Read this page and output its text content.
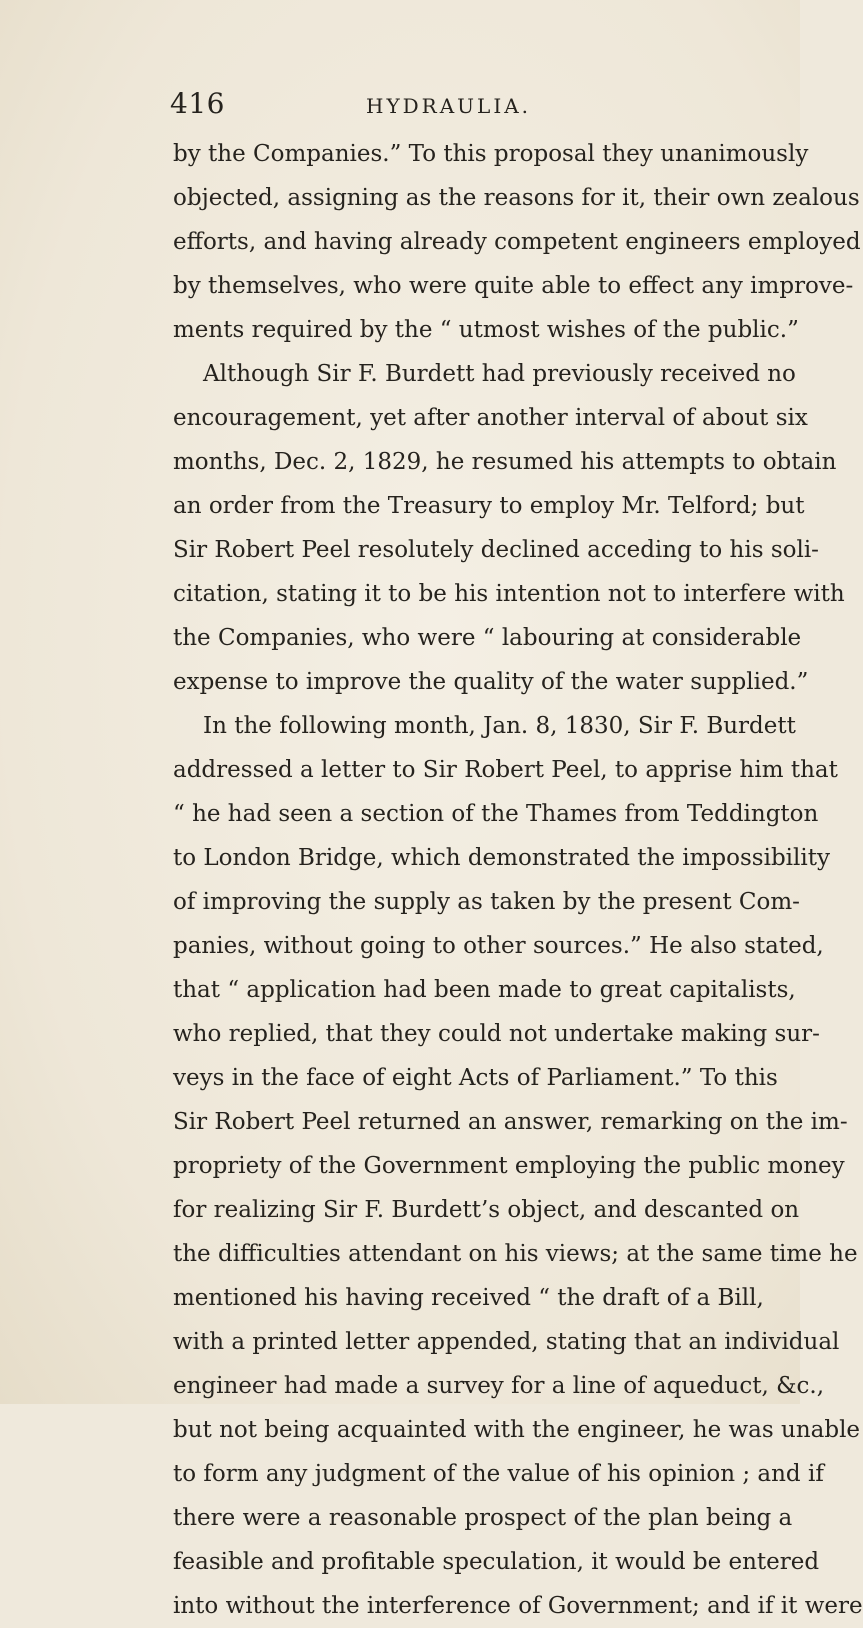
416	HYDRAULIA.
by the Companies.” To this proposal they unanimously
objected, assigning as the reasons for it, their own zealous
efforts, and having already competent engineers employed
by themselves, who were quite able to effect any improve-
ments required by the “ utmost wishes of the public.”
Although Sir F. Burdett had previously received no
encouragement, yet after another interval of about six
months, Dec. 2, 1829, he resumed his attempts to obtain
an order from the Treasury to employ Mr. Telford; but
Sir Robert Peel resolutely declined acceding to his soli-
citation, stating it to be his intention not to interfere with
the Companies, who were “ labouring at considerable
expense to improve the quality of the water supplied.”
In the following month, Jan. 8, 1830, Sir F. Burdett
addressed a letter to Sir Robert Peel, to apprise him that
“ he had seen a section of the Thames from Teddington
to London Bridge, which demonstrated the impossibility
of improving the supply as taken by the present Com-
panies, without going to other sources.” He also stated,
that “ application had been made to great capitalists,
who replied, that they could not undertake making sur-
veys in the face of eight Acts of Parliament.” To this
Sir Robert Peel returned an answer, remarking on the im-
propriety of the Government employing the public money
for realizing Sir F. Burdett’s object, and descanted on
the difficulties attendant on his views; at the same time he
mentioned his having received “ the draft of a Bill,
with a printed letter appended, stating that an individual
engineer had made a survey for a line of aqueduct, &c.,
but not being acquainted with the engineer, he was unable
to form any judgment of the value of his opinion ; and if
there were a reasonable prospect of the plan being a
feasible and profitable speculation, it would be entered
into without the interference of Government; and if it were
